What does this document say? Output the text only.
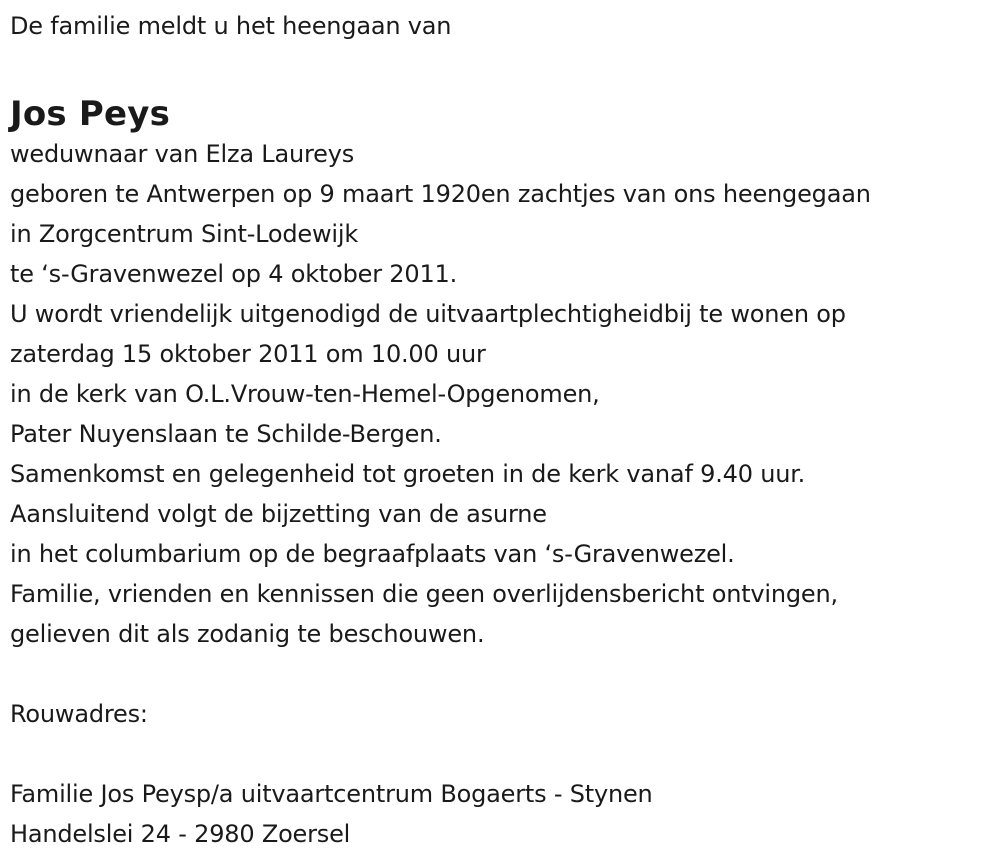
De familie meldt u het heengaan van
Jos Peys
weduwnaar van Elza Laureys
geboren te Antwerpen op 9 maart 1920en zachtjes van ons heengegaan
in Zorgcentrum Sint-Lodewijk
te ‘s-Gravenwezel op 4 oktober 2011.
U wordt vriendelijk uitgenodigd de uitvaartplechtigheidbij te wonen op
zaterdag 15 oktober 2011 om 10.00 uur
in de kerk van O.L.Vrouw-ten-Hemel-Opgenomen,
Pater Nuyenslaan te Schilde-Bergen.
Samenkomst en gelegenheid tot groeten in de kerk vanaf 9.40 uur.
Aansluitend volgt de bijzetting van de asurne
in het columbarium op de begraafplaats van ‘s-Gravenwezel.
Familie, vrienden en kennissen die geen overlijdensbericht ontvingen,
gelieven dit als zodanig te beschouwen.
Rouwadres:
Familie Jos Peysp/a uitvaartcentrum Bogaerts - Stynen
Handelslei 24 - 2980 Zoersel
